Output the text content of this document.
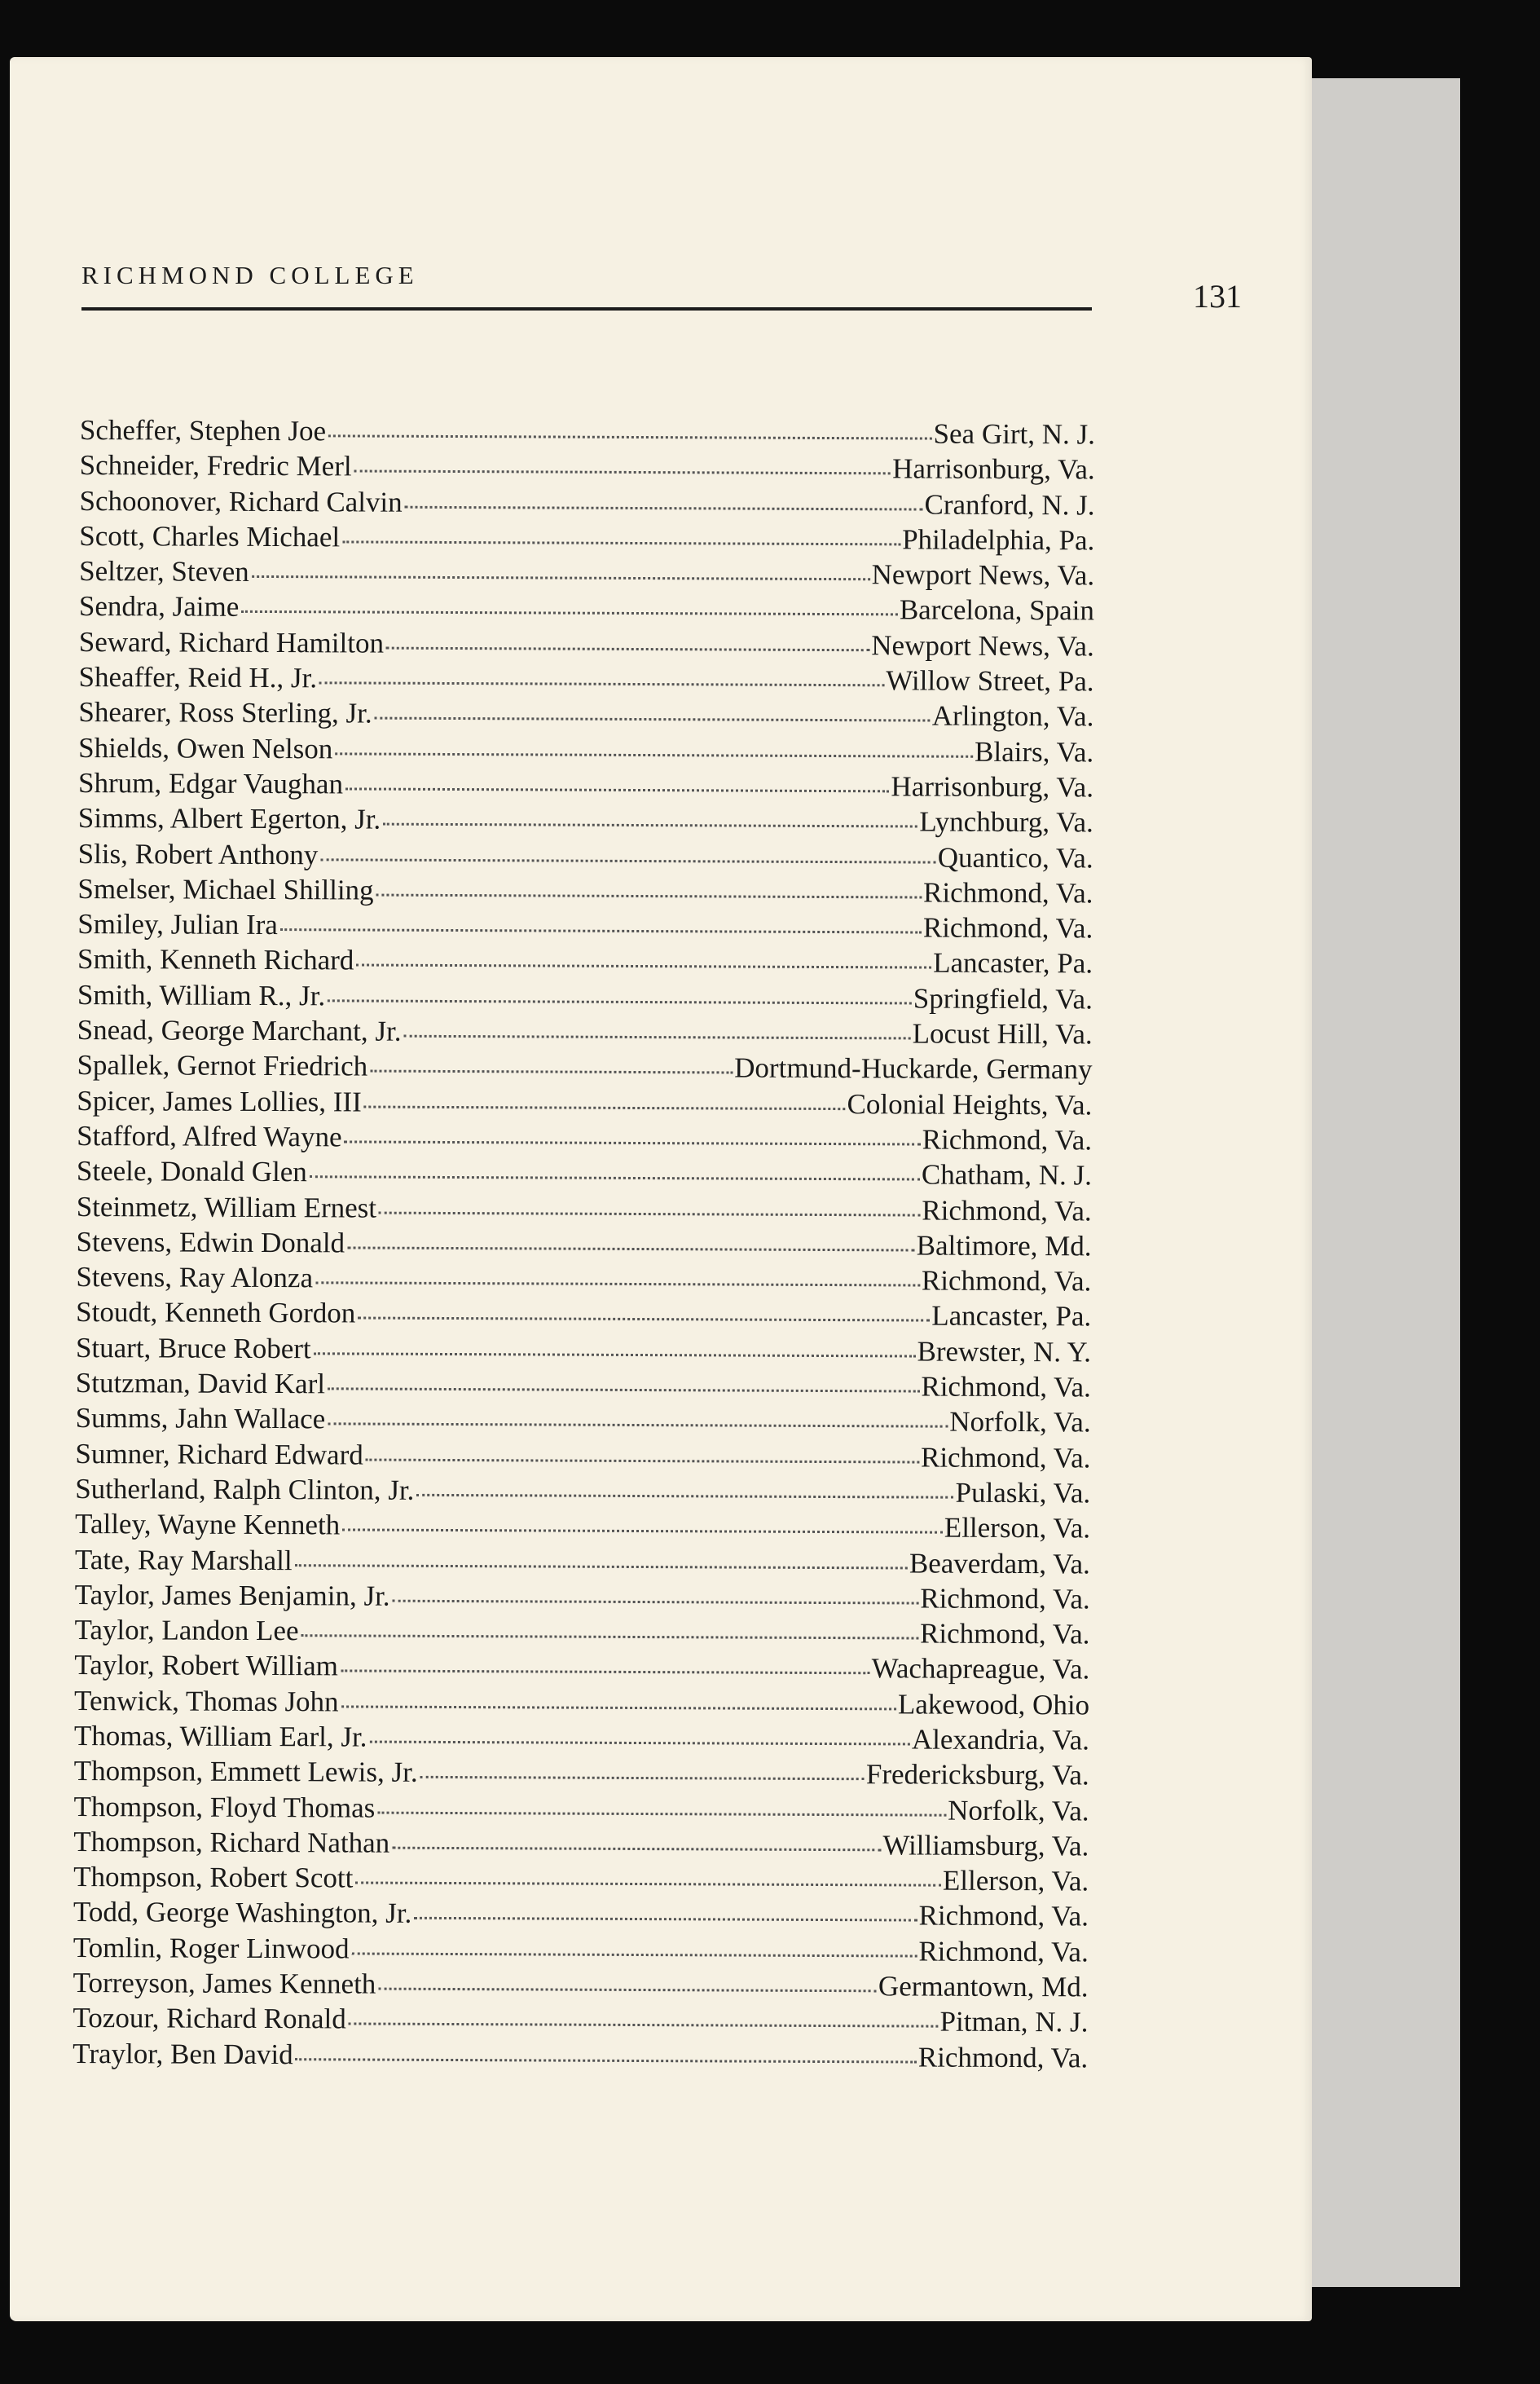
RICHMOND COLLEGE
131
Scheffer, Stephen Joe	Sea Girt, N. J.
Schneider, Fredric Merl	Harrisonburg, Va.
Schoonover, Richard Calvin	Cranford, N. J.
Scott, Charles Michael	Philadelphia, Pa.
Seltzer, Steven	Newport News, Va.
Sendra, Jaime	Barcelona, Spain
Seward, Richard Hamilton	Newport News, Va.
Sheaffer, Reid H., Jr.	Willow Street, Pa.
Shearer, Ross Sterling, Jr.	Arlington, Va.
Shields, Owen Nelson	Blairs, Va.
Shrum, Edgar Vaughan	Harrisonburg, Va.
Simms, Albert Egerton, Jr.	Lynchburg, Va.
Slis, Robert Anthony	Quantico, Va.
Smelser, Michael Shilling	Richmond, Va.
Smiley, Julian Ira	Richmond, Va.
Smith, Kenneth Richard	Lancaster, Pa.
Smith, William R., Jr.	Springfield, Va.
Snead, George Marchant, Jr.	Locust Hill, Va.
Spallek, Gernot Friedrich	Dortmund-Huckarde, Germany
Spicer, James Lollies, III	Colonial Heights, Va.
Stafford, Alfred Wayne	Richmond, Va.
Steele, Donald Glen	Chatham, N. J.
Steinmetz, William Ernest	Richmond, Va.
Stevens, Edwin Donald	Baltimore, Md.
Stevens, Ray Alonza	Richmond, Va.
Stoudt, Kenneth Gordon	Lancaster, Pa.
Stuart, Bruce Robert	Brewster, N. Y.
Stutzman, David Karl	Richmond, Va.
Summs, Jahn Wallace	Norfolk, Va.
Sumner, Richard Edward	Richmond, Va.
Sutherland, Ralph Clinton, Jr.	Pulaski, Va.
Talley, Wayne Kenneth	Ellerson, Va.
Tate, Ray Marshall	Beaverdam, Va.
Taylor, James Benjamin, Jr.	Richmond, Va.
Taylor, Landon Lee	Richmond, Va.
Taylor, Robert William	Wachapreague, Va.
Tenwick, Thomas John	Lakewood, Ohio
Thomas, William Earl, Jr.	Alexandria, Va.
Thompson, Emmett Lewis, Jr.	Fredericksburg, Va.
Thompson, Floyd Thomas	Norfolk, Va.
Thompson, Richard Nathan	Williamsburg, Va.
Thompson, Robert Scott	Ellerson, Va.
Todd, George Washington, Jr.	Richmond, Va.
Tomlin, Roger Linwood	Richmond, Va.
Torreyson, James Kenneth	Germantown, Md.
Tozour, Richard Ronald	Pitman, N. J.
Traylor, Ben David	Richmond, Va.
